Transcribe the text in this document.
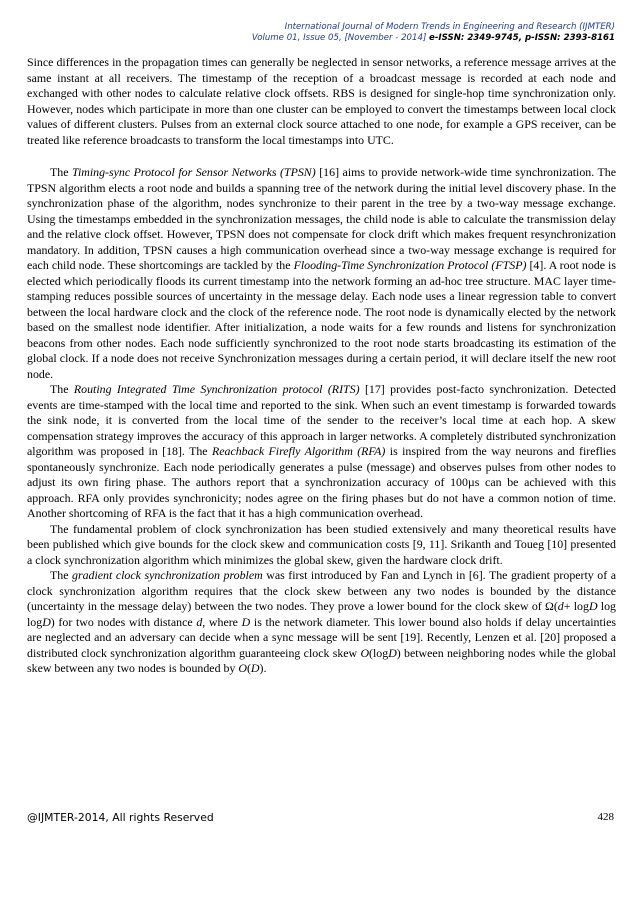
International Journal of Modern Trends in Engineering and Research (IJMTER)
Volume 01, Issue 05, [November - 2014] e-ISSN: 2349-9745, p-ISSN: 2393-8161

Since differences in the propagation times can generally be neglected in sensor networks, a reference message arrives at the same instant at all receivers. The timestamp of the reception of a broadcast message is recorded at each node and exchanged with other nodes to calculate relative clock offsets. RBS is designed for single-hop time synchronization only. However, nodes which participate in more than one cluster can be employed to convert the timestamps between local clock values of different clusters. Pulses from an external clock source attached to one node, for example a GPS receiver, can be treated like reference broadcasts to transform the local timestamps into UTC.

The Timing-sync Protocol for Sensor Networks (TPSN) [16] aims to provide network-wide time synchronization. The TPSN algorithm elects a root node and builds a spanning tree of the network during the initial level discovery phase. In the synchronization phase of the algorithm, nodes synchronize to their parent in the tree by a two-way message exchange. Using the timestamps embedded in the synchronization messages, the child node is able to calculate the transmission delay and the relative clock offset. However, TPSN does not compensate for clock drift which makes frequent resynchronization mandatory. In addition, TPSN causes a high communication overhead since a two-way message exchange is required for each child node. These shortcomings are tackled by the Flooding-Time Synchronization Protocol (FTSP) [4]. A root node is elected which periodically floods its current timestamp into the network forming an ad-hoc tree structure. MAC layer time-stamping reduces possible sources of uncertainty in the message delay. Each node uses a linear regression table to convert between the local hardware clock and the clock of the reference node. The root node is dynamically elected by the network based on the smallest node identifier. After initialization, a node waits for a few rounds and listens for synchronization beacons from other nodes. Each node sufficiently synchronized to the root node starts broadcasting its estimation of the global clock. If a node does not receive Synchronization messages during a certain period, it will declare itself the new root node.

The Routing Integrated Time Synchronization protocol (RITS) [17] provides post-facto synchronization. Detected events are time-stamped with the local time and reported to the sink. When such an event timestamp is forwarded towards the sink node, it is converted from the local time of the sender to the receiver’s local time at each hop. A skew compensation strategy improves the accuracy of this approach in larger networks. A completely distributed synchronization algorithm was proposed in [18]. The Reachback Firefly Algorithm (RFA) is inspired from the way neurons and fireflies spontaneously synchronize. Each node periodically generates a pulse (message) and observes pulses from other nodes to adjust its own firing phase. The authors report that a synchronization accuracy of 100µs can be achieved with this approach. RFA only provides synchronicity; nodes agree on the firing phases but do not have a common notion of time. Another shortcoming of RFA is the fact that it has a high communication overhead.

The fundamental problem of clock synchronization has been studied extensively and many theoretical results have been published which give bounds for the clock skew and communication costs [9, 11]. Srikanth and Toueg [10] presented a clock synchronization algorithm which minimizes the global skew, given the hardware clock drift.

The gradient clock synchronization problem was first introduced by Fan and Lynch in [6]. The gradient property of a clock synchronization algorithm requires that the clock skew between any two nodes is bounded by the distance (uncertainty in the message delay) between the two nodes. They prove a lower bound for the clock skew of Ω(d+ logD log logD) for two nodes with distance d, where D is the network diameter. This lower bound also holds if delay uncertainties are neglected and an adversary can decide when a sync message will be sent [19]. Recently, Lenzen et al. [20] proposed a distributed clock synchronization algorithm guaranteeing clock skew O(logD) between neighboring nodes while the global skew between any two nodes is bounded by O(D).

@IJMTER-2014, All rights Reserved	428
